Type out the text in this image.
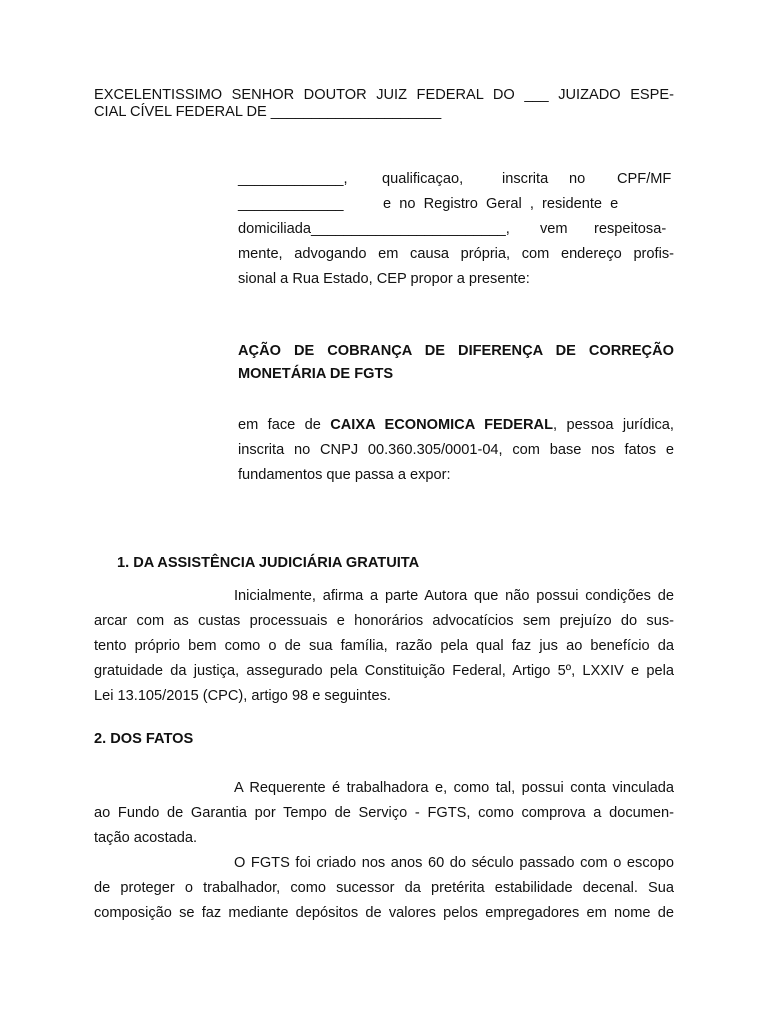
EXCELENTISSIMO SENHOR DOUTOR JUIZ FEDERAL DO ___ JUIZADO ESPE-
CIAL CÍVEL FEDERAL DE _____________________
_____________, qualificaçao,	inscrita no CPF/MF
_____________	e  no  Registro  Geral  ,  residente  e
domiciliada________________________, vem respeitosa-
mente, advogando em causa própria, com endereço profis-
sional a Rua Estado, CEP propor a presente:
AÇÃO DE COBRANÇA DE DIFERENÇA DE CORREÇÃO
MONETÁRIA DE FGTS
em face de CAIXA ECONOMICA FEDERAL, pessoa jurídica,
inscrita no CNPJ 00.360.305/0001-04, com base nos fatos e
fundamentos que passa a expor:
1. DA ASSISTÊNCIA JUDICIÁRIA GRATUITA
Inicialmente, afirma a parte Autora que não possui condições de
arcar com as custas processuais e honorários advocatícios sem prejuízo do sus-
tento próprio bem como o de sua família, razão pela qual faz jus ao benefício da
gratuidade da justiça, assegurado pela Constituição Federal, Artigo 5º, LXXIV e pela
Lei 13.105/2015 (CPC), artigo 98 e seguintes.
2. DOS FATOS
A Requerente é trabalhadora e, como tal, possui conta vinculada
ao Fundo de Garantia por Tempo de Serviço - FGTS, como comprova a documen-
tação acostada.
O FGTS foi criado nos anos 60 do século passado com o escopo
de proteger o trabalhador, como sucessor da pretérita estabilidade decenal. Sua
composição se faz mediante depósitos de valores pelos empregadores em nome de
